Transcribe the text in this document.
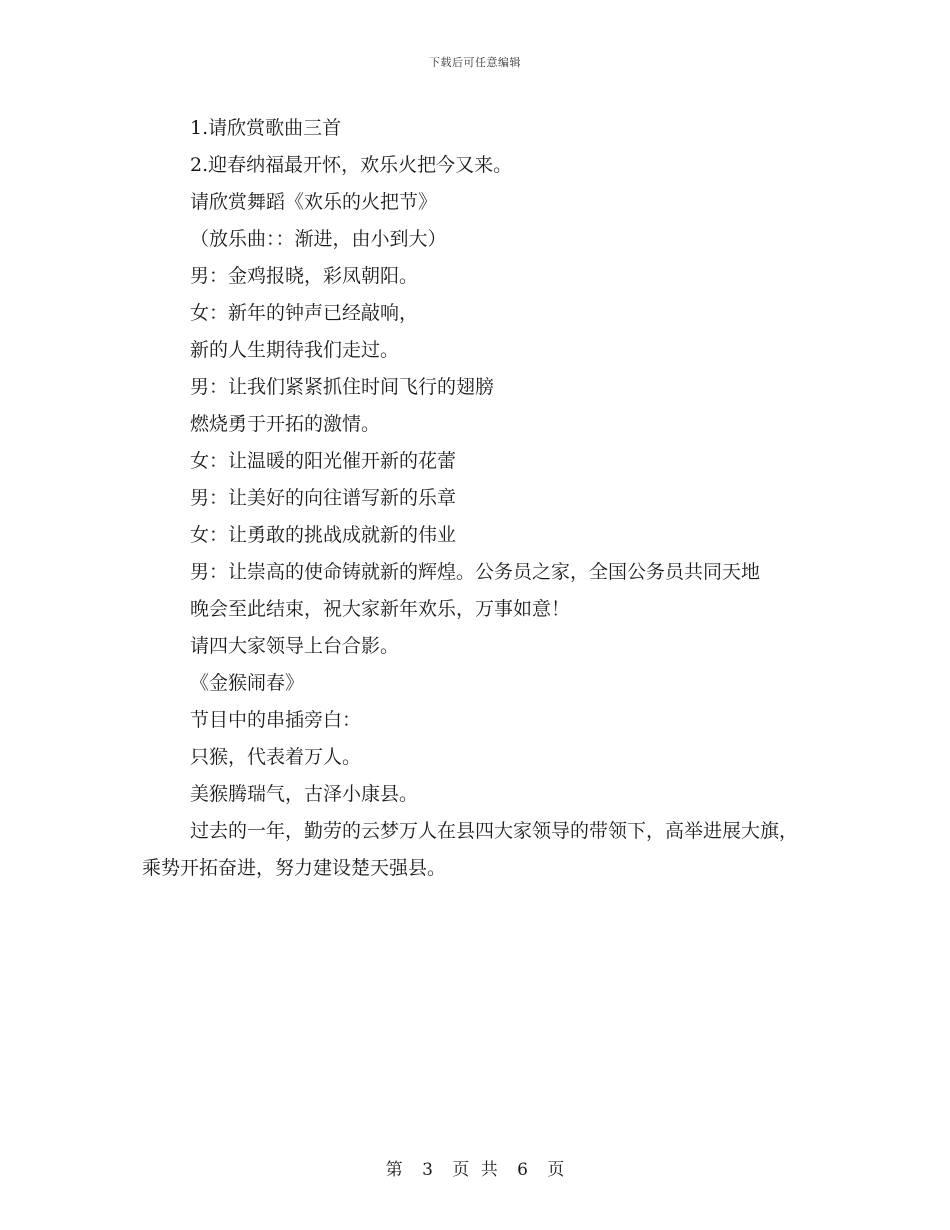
下载后可任意编辑

1.请欣赏歌曲三首

2.迎春纳福最开怀，欢乐火把今又来。

请欣赏舞蹈《欢乐的火把节》

（放乐曲：：渐进，由小到大）

男：金鸡报晓，彩凤朝阳。

女：新年的钟声已经敲响，

新的人生期待我们走过。

男：让我们紧紧抓住时间飞行的翅膀

燃烧勇于开拓的激情。

女：让温暖的阳光催开新的花蕾

男：让美好的向往谱写新的乐章

女：让勇敢的挑战成就新的伟业

男：让崇高的使命铸就新的辉煌。公务员之家，全国公务员共同天地

晚会至此结束，祝大家新年欢乐，万事如意！

请四大家领导上台合影。

《金猴闹春》

节目中的串插旁白：

只猴，代表着万人。

美猴腾瑞气，古泽小康县。

过去的一年，勤劳的云梦万人在县四大家领导的带领下，高举进展大旗，乘势开拓奋进，努力建设楚天强县。

第 3 页 共 6 页
